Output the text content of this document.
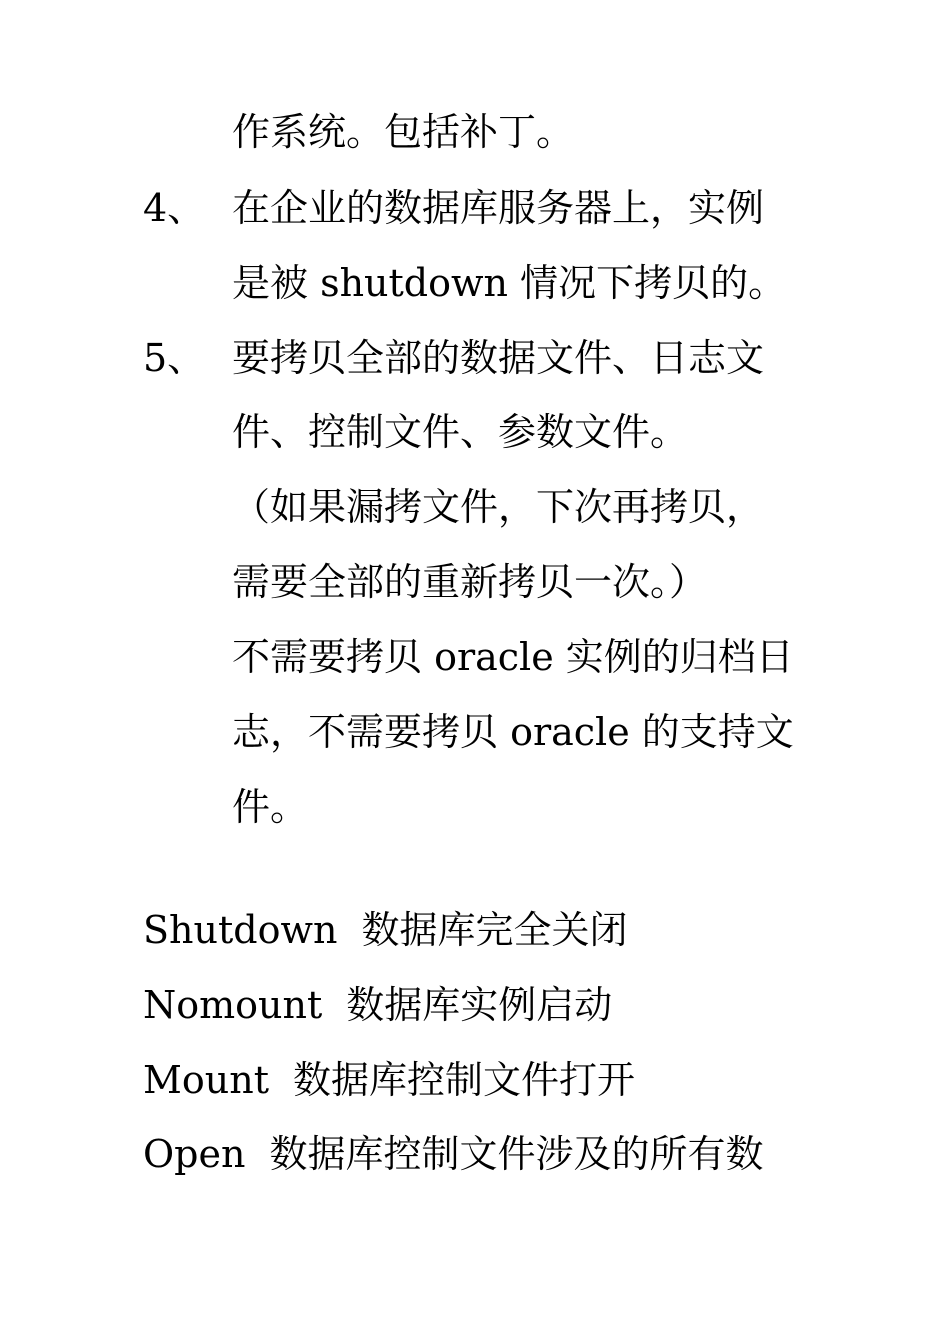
作系统。包括补丁。
4、 在企业的数据库服务器上，实例
是被 shutdown 情况下拷贝的。
5、 要拷贝全部的数据文件、日志文
件、控制文件、参数文件。
（如果漏拷文件，下次再拷贝，
需要全部的重新拷贝一次。）
不需要拷贝 oracle 实例的归档日
志，不需要拷贝 oracle 的支持文
件。
Shutdown 数据库完全关闭
Nomount 数据库实例启动
Mount 数据库控制文件打开
Open 数据库控制文件涉及的所有数
